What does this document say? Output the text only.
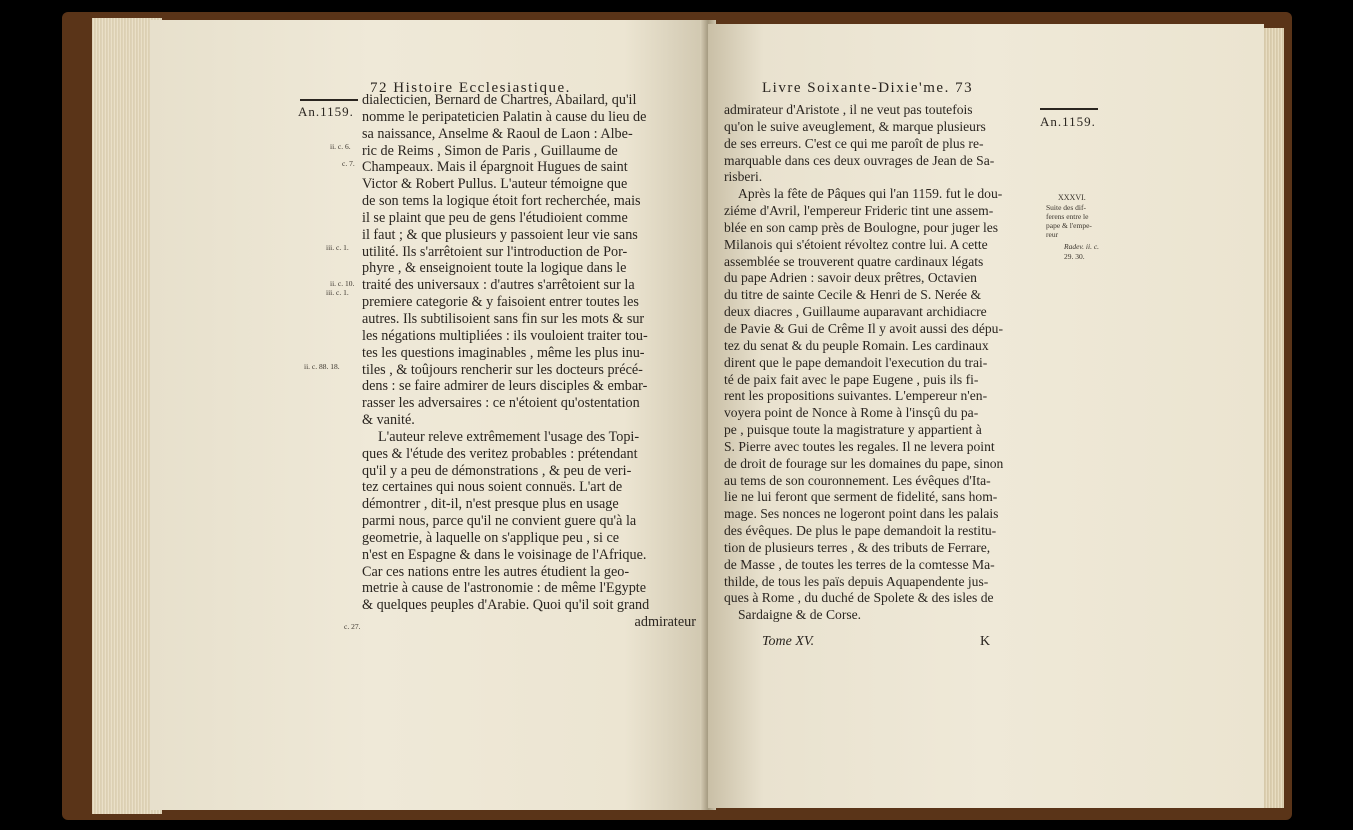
72 Histoire Ecclesiastique.
An.1159.
ii. c. 6.
c. 7.
iii. c. 1.
ii. c. 10.
iii. c. 1.
ii. c. 88. 18.
c. 27.
dialecticien, Bernard de Chartres, Abailard, qu'il
nomme le peripateticien Palatin à cause du lieu de
sa naissance, Anselme & Raoul de Laon : Albe-
ric de Reims , Simon de Paris , Guillaume de
Champeaux. Mais il épargnoit Hugues de saint
Victor & Robert Pullus. L'auteur témoigne que
de son tems la logique étoit fort recherchée, mais
il se plaint que peu de gens l'étudioient comme
il faut ; & que plusieurs y passoient leur vie sans
utilité. Ils s'arrêtoient sur l'introduction de Por-
phyre , & enseignoient toute la logique dans le
traité des universaux : d'autres s'arrêtoient sur la
premiere categorie & y faisoient entrer toutes les
autres. Ils subtilisoient sans fin sur les mots & sur
les négations multipliées : ils vouloient traiter tou-
tes les questions imaginables , même les plus inu-
tiles , & toûjours rencherir sur les docteurs précé-
dens : se faire admirer de leurs disciples & embar-
rasser les adversaires : ce n'étoient qu'ostentation
& vanité.
L'auteur releve extrêmement l'usage des Topi-
ques & l'étude des veritez probables : prétendant
qu'il y a peu de démonstrations , & peu de veri-
tez certaines qui nous soient connuës. L'art de
démontrer , dit-il, n'est presque plus en usage
parmi nous, parce qu'il ne convient guere qu'à la
geometrie, à laquelle on s'applique peu , si ce
n'est en Espagne & dans le voisinage de l'Afrique.
Car ces nations entre les autres étudient la geo-
metrie à cause de l'astronomie : de même l'Egypte
& quelques peuples d'Arabie. Quoi qu'il soit grand
admirateur
Livre Soixante-Dixie'me. 73
An.1159.
XXXVI.
Suite des dif-
ferens entre le
pape & l'empe-
reur
Radev. ii. c.
29. 30.
admirateur d'Aristote , il ne veut pas toutefois
qu'on le suive aveuglement, & marque plusieurs
de ses erreurs. C'est ce qui me paroît de plus re-
marquable dans ces deux ouvrages de Jean de Sa-
risberi.
Après la fête de Pâques qui l'an 1159. fut le dou-
ziéme d'Avril, l'empereur Frideric tint une assem-
blée en son camp près de Boulogne, pour juger les
Milanois qui s'étoient révoltez contre lui. A cette
assemblée se trouverent quatre cardinaux légats
du pape Adrien : savoir deux prêtres, Octavien
du titre de sainte Cecile & Henri de S. Nerée &
deux diacres , Guillaume auparavant archidiacre
de Pavie & Gui de Crême Il y avoit aussi des dépu-
tez du senat & du peuple Romain. Les cardinaux
dirent que le pape demandoit l'execution du trai-
té de paix fait avec le pape Eugene , puis ils fi-
rent les propositions suivantes. L'empereur n'en-
voyera point de Nonce à Rome à l'insçû du pa-
pe , puisque toute la magistrature y appartient à
S. Pierre avec toutes les regales. Il ne levera point
de droit de fourage sur les domaines du pape, sinon
au tems de son couronnement. Les évêques d'Ita-
lie ne lui feront que serment de fidelité, sans hom-
mage. Ses nonces ne logeront point dans les palais
des évêques. De plus le pape demandoit la restitu-
tion de plusieurs terres , & des tributs de Ferrare,
de Masse , de toutes les terres de la comtesse Ma-
thilde, de tous les païs depuis Aquapendente jus-
ques à Rome , du duché de Spolete & des isles de
Sardaigne & de Corse.
Tome XV.	K
